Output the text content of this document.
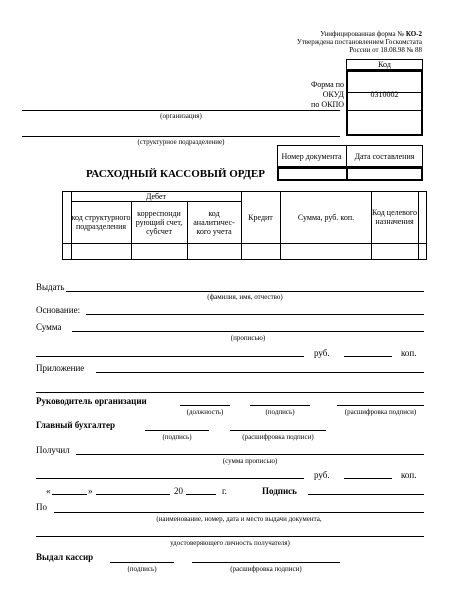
Унифицированная форма № КО-2
Утверждена постановлением Госкомстата
России от 18.08.98 № 88
Код
Форма по
ОКУД	0310002
по ОКПО
(организация)
(структурное подразделение)
Номер документа	Дата составления
РАСХОДНЫЙ КАССОВЫЙ ОРДЕР
Дебет
код структурного подразделения
корреспонди рующий счет, субсчет
код аналитичес-кого учета
Кредит	Сумма, руб. коп.	Код целевого назначения
Выдать
(фамилия, имя, отчество)
Основание:
Сумма
(прописью)
руб.	коп.
Приложение
Руководитель организации
(должность)	(подпись)	(расшифровка подписи)
Главный бухгалтер
(подпись)	(расшифровка подписи)
Получил
(сумма прописью)
руб.	коп.
«	»	20	г.	Подпись
По
(наименование, номер, дата и место выдачи документа,
удостоверяющего личность получателя)
Выдал кассир
(подпись)	(расшифровка подписи)
